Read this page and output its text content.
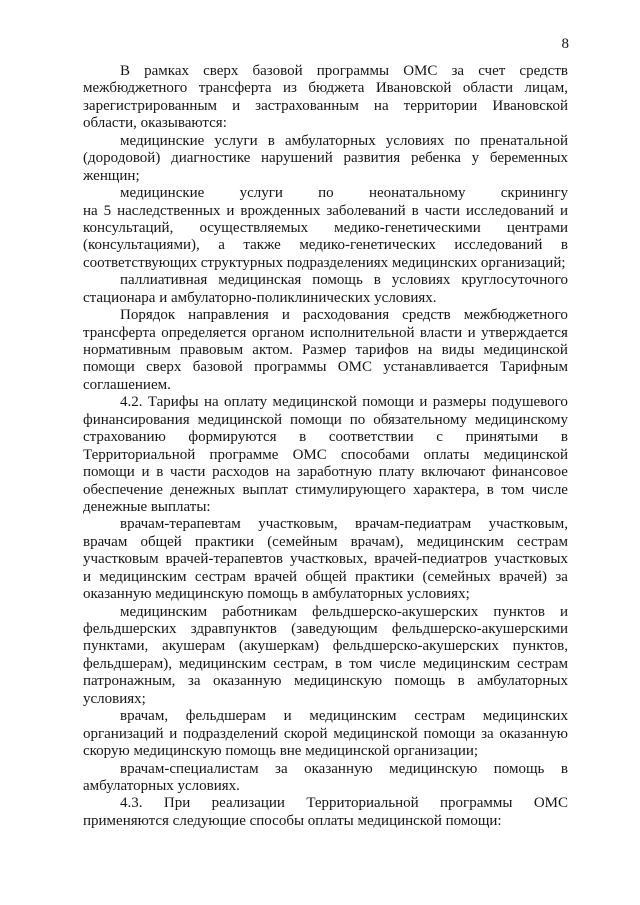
8
В рамках сверх базовой программы ОМС за счет средств
межбюджетного трансферта из бюджета Ивановской области лицам,
зарегистрированным и застрахованным на территории Ивановской
области, оказываются:
медицинские услуги в амбулаторных условиях по пренатальной
(дородовой) диагностике нарушений развития ребенка у беременных
женщин;
медицинские услуги по неонатальному скринингу
на 5 наследственных и врожденных заболеваний в части исследований и
консультаций, осуществляемых медико-генетическими центрами
(консультациями), а также медико-генетических исследований в
соответствующих структурных подразделениях медицинских организаций;
паллиативная медицинская помощь в условиях круглосуточного
стационара и амбулаторно-поликлинических условиях.
Порядок направления и расходования средств межбюджетного
трансферта определяется органом исполнительной власти и утверждается
нормативным правовым актом. Размер тарифов на виды медицинской
помощи сверх базовой программы ОМС устанавливается Тарифным
соглашением.
4.2. Тарифы на оплату медицинской помощи и размеры подушевого
финансирования медицинской помощи по обязательному медицинскому
страхованию формируются в соответствии с принятыми в
Территориальной программе ОМС способами оплаты медицинской
помощи и в части расходов на заработную плату включают финансовое
обеспечение денежных выплат стимулирующего характера, в том числе
денежные выплаты:
врачам-терапевтам участковым, врачам-педиатрам участковым,
врачам общей практики (семейным врачам), медицинским сестрам
участковым врачей-терапевтов участковых, врачей-педиатров участковых
и медицинским сестрам врачей общей практики (семейных врачей) за
оказанную медицинскую помощь в амбулаторных условиях;
медицинским работникам фельдшерско-акушерских пунктов и
фельдшерских здравпунктов (заведующим фельдшерско-акушерскими
пунктами, акушерам (акушеркам) фельдшерско-акушерских пунктов,
фельдшерам), медицинским сестрам, в том числе медицинским сестрам
патронажным, за оказанную медицинскую помощь в амбулаторных
условиях;
врачам, фельдшерам и медицинским сестрам медицинских
организаций и подразделений скорой медицинской помощи за оказанную
скорую медицинскую помощь вне медицинской организации;
врачам-специалистам за оказанную медицинскую помощь в
амбулаторных условиях.
4.3. При реализации Территориальной программы ОМС
применяются следующие способы оплаты медицинской помощи:
